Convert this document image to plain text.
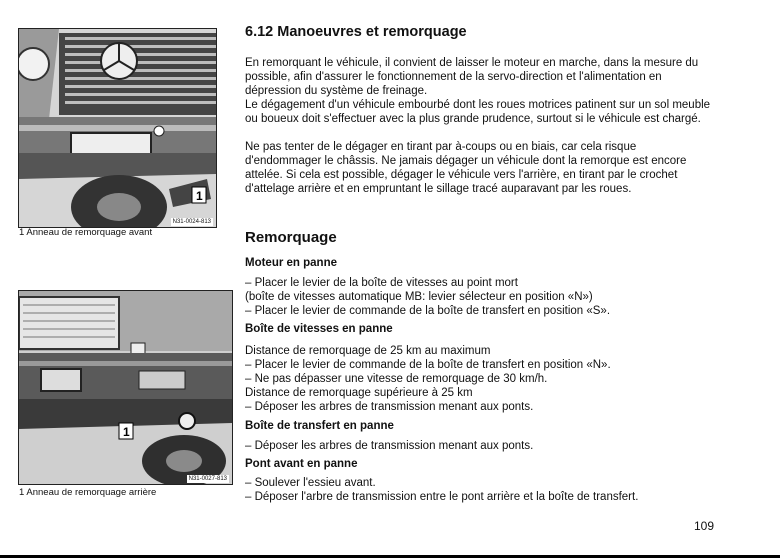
1
N31-0024-813
1 Anneau de remorquage avant
1
N31-0027-813
1 Anneau de remorquage arrière
6.12 Manoeuvres et remorquage

En remorquant le véhicule, il convient de laisser le moteur en marche, dans la mesure du possible, afin d'assurer le fonctionnement de la servo-direction et l'alimentation en dépression du système de freinage.

Le dégagement d'un véhicule embourbé dont les roues motrices patinent sur un sol meuble ou boueux doit s'effectuer avec la plus grande prudence, surtout si le véhicule est chargé.

Ne pas tenter de le dégager en tirant par à-coups ou en biais, car cela risque d'endommager le châssis. Ne jamais dégager un véhicule dont la remorque est encore attelée. Si cela est possible, dégager le véhicule vers l'arrière, en tirant par le crochet d'attelage arrière et en empruntant le sillage tracé auparavant par les roues.

Remorquage
Moteur en panne
– Placer le levier de la boîte de vitesses au point mort
(boîte de vitesses automatique MB: levier sélecteur en position «N»)
– Placer le levier de commande de la boîte de transfert en position «S».
Boîte de vitesses en panne
Distance de remorquage de 25 km au maximum
– Placer le levier de commande de la boîte de transfert en position «N».
– Ne pas dépasser une vitesse de remorquage de 30 km/h.
Distance de remorquage supérieure à 25 km
– Déposer les arbres de transmission menant aux ponts.
Boîte de transfert en panne
– Déposer les arbres de transmission menant aux ponts.
Pont avant en panne
– Soulever l'essieu avant.
– Déposer l'arbre de transmission entre le pont arrière et la boîte de transfert.
109
